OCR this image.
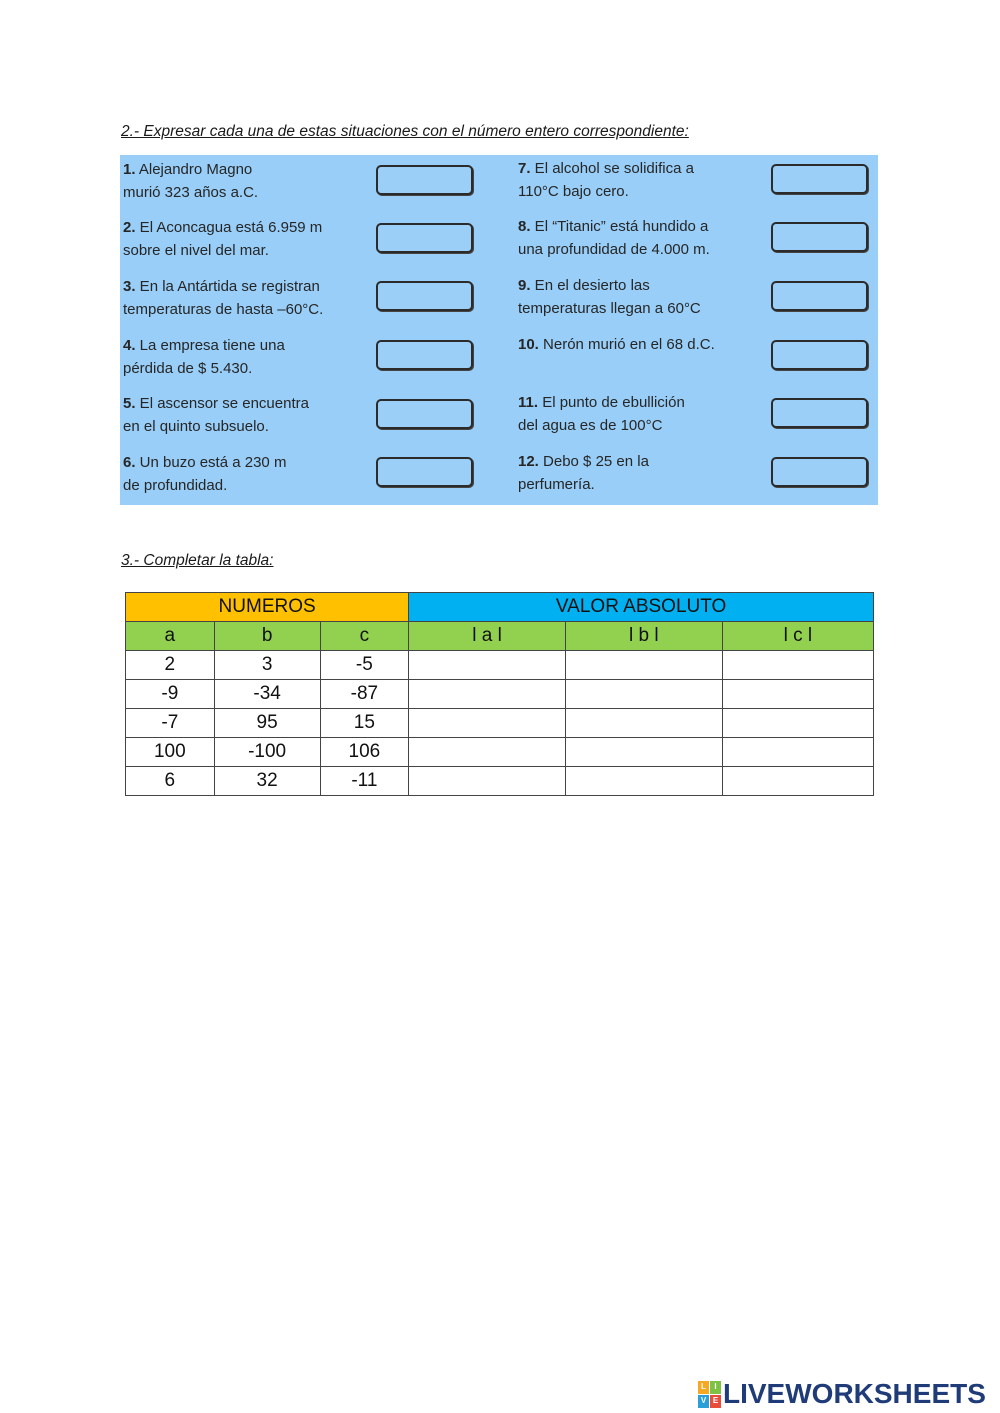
2.- Expresar cada una de estas situaciones con el número entero correspondiente:
1. Alejandro Magno
murió 323 años a.C.
2. El Aconcagua está 6.959 m
sobre el nivel del mar.
3. En la Antártida se registran
temperaturas de hasta –60°C.
4. La empresa tiene una
pérdida de $ 5.430.
5. El ascensor se encuentra
en el quinto subsuelo.
6. Un buzo está a 230 m
de profundidad.
7. El alcohol se solidifica a
110°C bajo cero.
8. El “Titanic” está hundido a
una profundidad de 4.000 m.
9. En el desierto las
temperaturas llegan a 60°C
10. Nerón murió en el 68 d.C.
11. El punto de ebullición
del agua es de 100°C
12. Debo $ 25 en la
perfumería.
3.- Completar la tabla:
NUMEROS			VALOR ABSOLUTO		
a	b	c	l a l	l b l	l c l
2	3	-5			
-9	-34	-87			
-7	95	15			
100	-100	106			
6	32	-11			
L	I
V E LIVEWORKSHEETS
